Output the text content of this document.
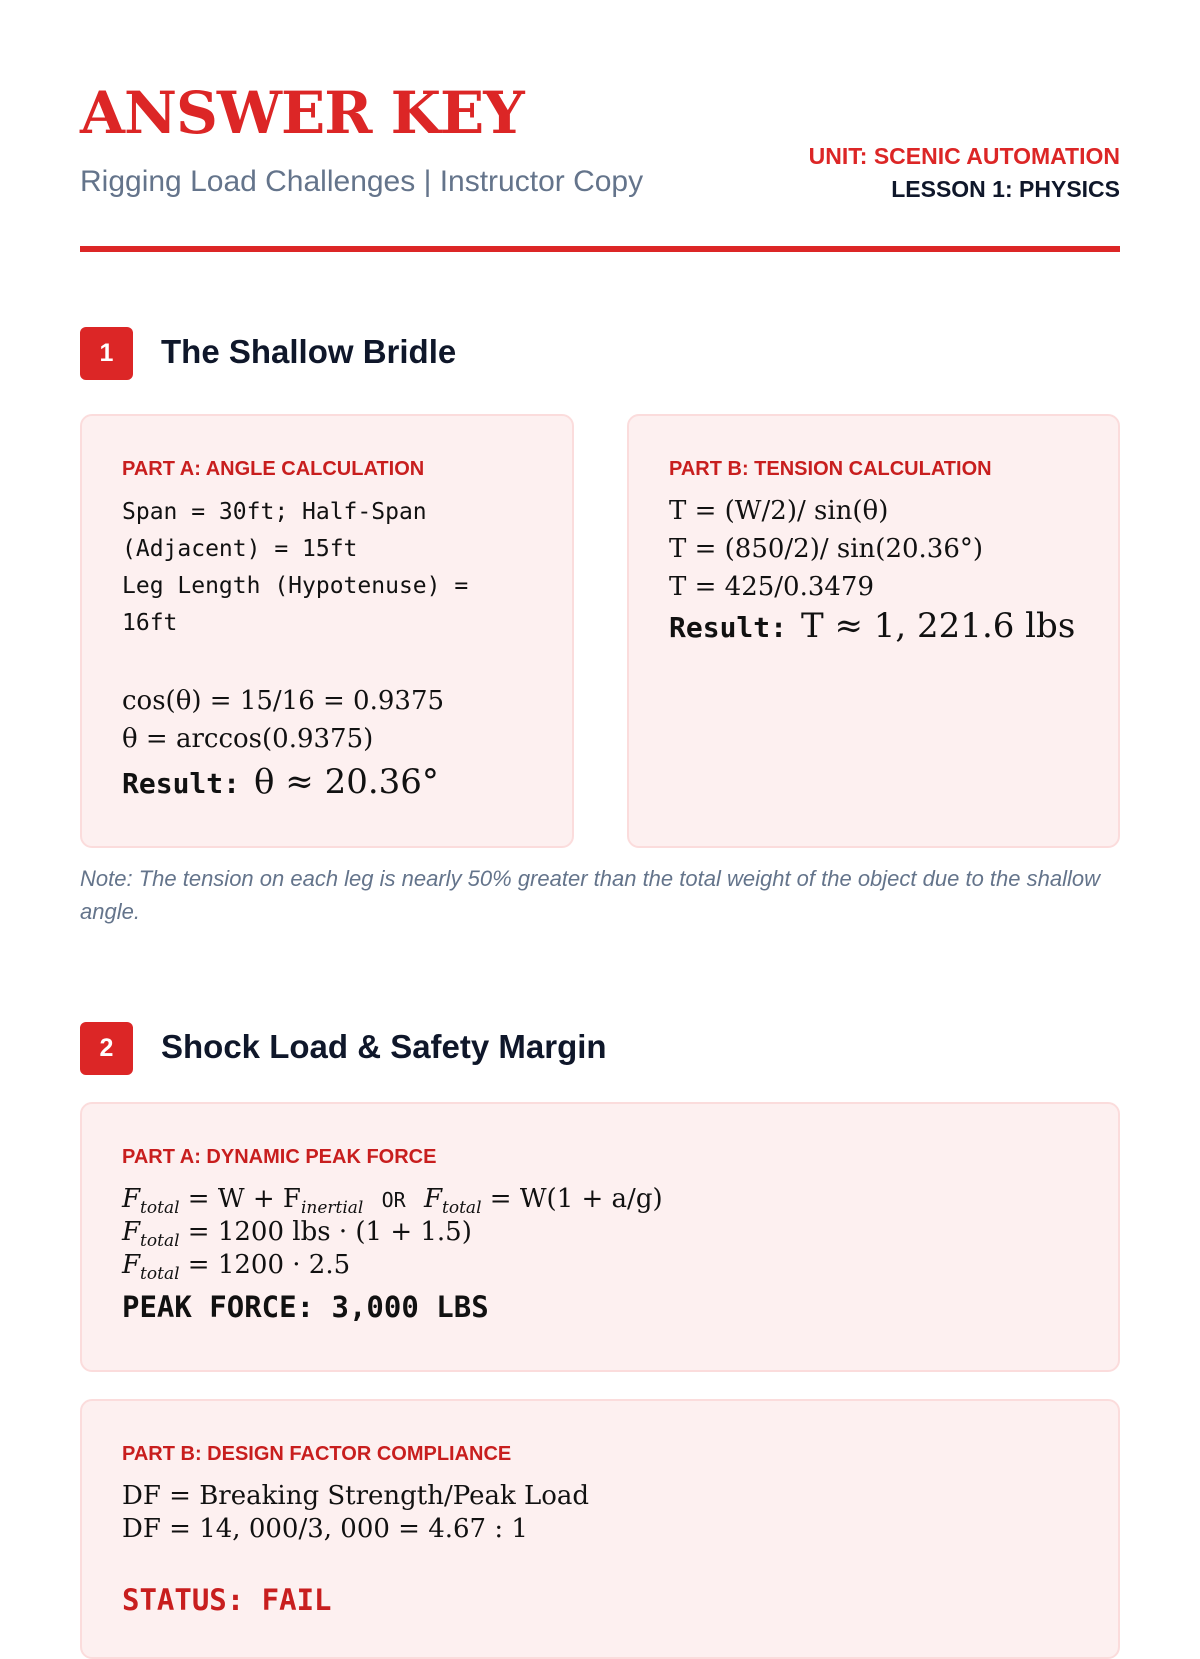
ANSWER KEY
Rigging Load Challenges | Instructor Copy
UNIT: SCENIC AUTOMATION
LESSON 1: PHYSICS
1	The Shallow Bridle
PART A: ANGLE CALCULATION
Span = 30ft; Half-Span
(Adjacent) = 15ft
Leg Length (Hypotenuse) =
16ft
cos(θ) = 15/16 = 0.9375
θ = arccos(0.9375)
Result: θ ≈ 20.36°
PART B: TENSION CALCULATION
T = (W/2)/ sin(θ)
T = (850/2)/ sin(20.36°)
T = 425/0.3479
Result: T ≈ 1, 221.6 lbs
Note: The tension on each leg is nearly 50% greater than the total weight of the object due to the shallow angle.
2	Shock Load & Safety Margin
PART A: DYNAMIC PEAK FORCE
$F_{total} = W + F_{inertial}$ OR $F_{total} = W(1 + a/g)$
$F_{total} = 1200$ lbs · (1 + 1.5)
$F_{total} = 1200 \cdot 2.5$
PEAK FORCE: 3,000 LBS
PART B: DESIGN FACTOR COMPLIANCE
DF = Breaking Strength/Peak Load
DF = 14, 000/3, 000 = 4.67 : 1
STATUS: FAIL
